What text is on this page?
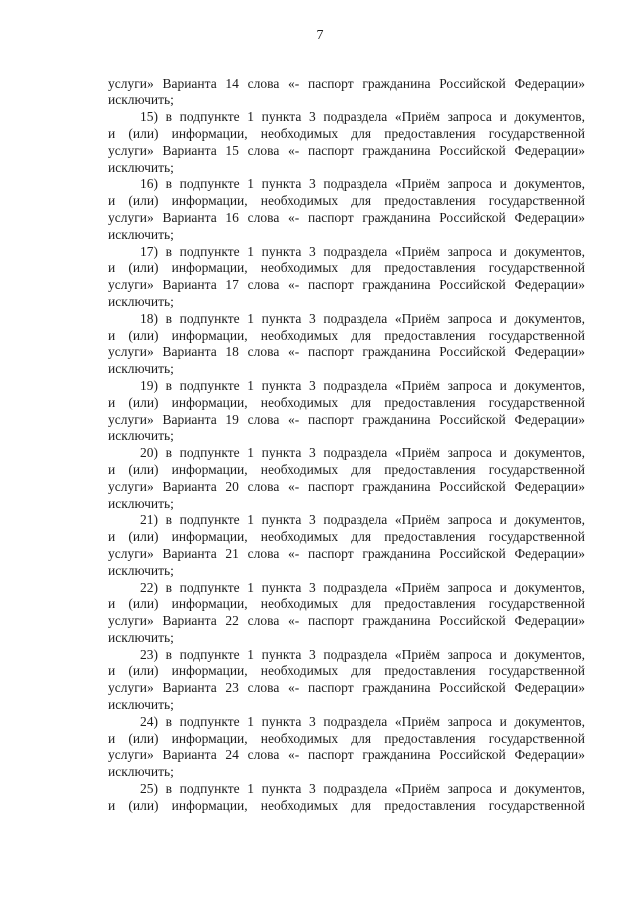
7
услуги» Варианта 14 слова «- паспорт гражданина Российской Федерации»
исключить;
15) в подпункте 1 пункта 3 подраздела «Приём запроса и документов,
и (или) информации, необходимых для предоставления государственной
услуги» Варианта 15 слова «- паспорт гражданина Российской Федерации»
исключить;
16) в подпункте 1 пункта 3 подраздела «Приём запроса и документов,
и (или) информации, необходимых для предоставления государственной
услуги» Варианта 16 слова «- паспорт гражданина Российской Федерации»
исключить;
17) в подпункте 1 пункта 3 подраздела «Приём запроса и документов,
и (или) информации, необходимых для предоставления государственной
услуги» Варианта 17 слова «- паспорт гражданина Российской Федерации»
исключить;
18) в подпункте 1 пункта 3 подраздела «Приём запроса и документов,
и (или) информации, необходимых для предоставления государственной
услуги» Варианта 18 слова «- паспорт гражданина Российской Федерации»
исключить;
19) в подпункте 1 пункта 3 подраздела «Приём запроса и документов,
и (или) информации, необходимых для предоставления государственной
услуги» Варианта 19 слова «- паспорт гражданина Российской Федерации»
исключить;
20) в подпункте 1 пункта 3 подраздела «Приём запроса и документов,
и (или) информации, необходимых для предоставления государственной
услуги» Варианта 20 слова «- паспорт гражданина Российской Федерации»
исключить;
21) в подпункте 1 пункта 3 подраздела «Приём запроса и документов,
и (или) информации, необходимых для предоставления государственной
услуги» Варианта 21 слова «- паспорт гражданина Российской Федерации»
исключить;
22) в подпункте 1 пункта 3 подраздела «Приём запроса и документов,
и (или) информации, необходимых для предоставления государственной
услуги» Варианта 22 слова «- паспорт гражданина Российской Федерации»
исключить;
23) в подпункте 1 пункта 3 подраздела «Приём запроса и документов,
и (или) информации, необходимых для предоставления государственной
услуги» Варианта 23 слова «- паспорт гражданина Российской Федерации»
исключить;
24) в подпункте 1 пункта 3 подраздела «Приём запроса и документов,
и (или) информации, необходимых для предоставления государственной
услуги» Варианта 24 слова «- паспорт гражданина Российской Федерации»
исключить;
25) в подпункте 1 пункта 3 подраздела «Приём запроса и документов,
и (или) информации, необходимых для предоставления государственной
